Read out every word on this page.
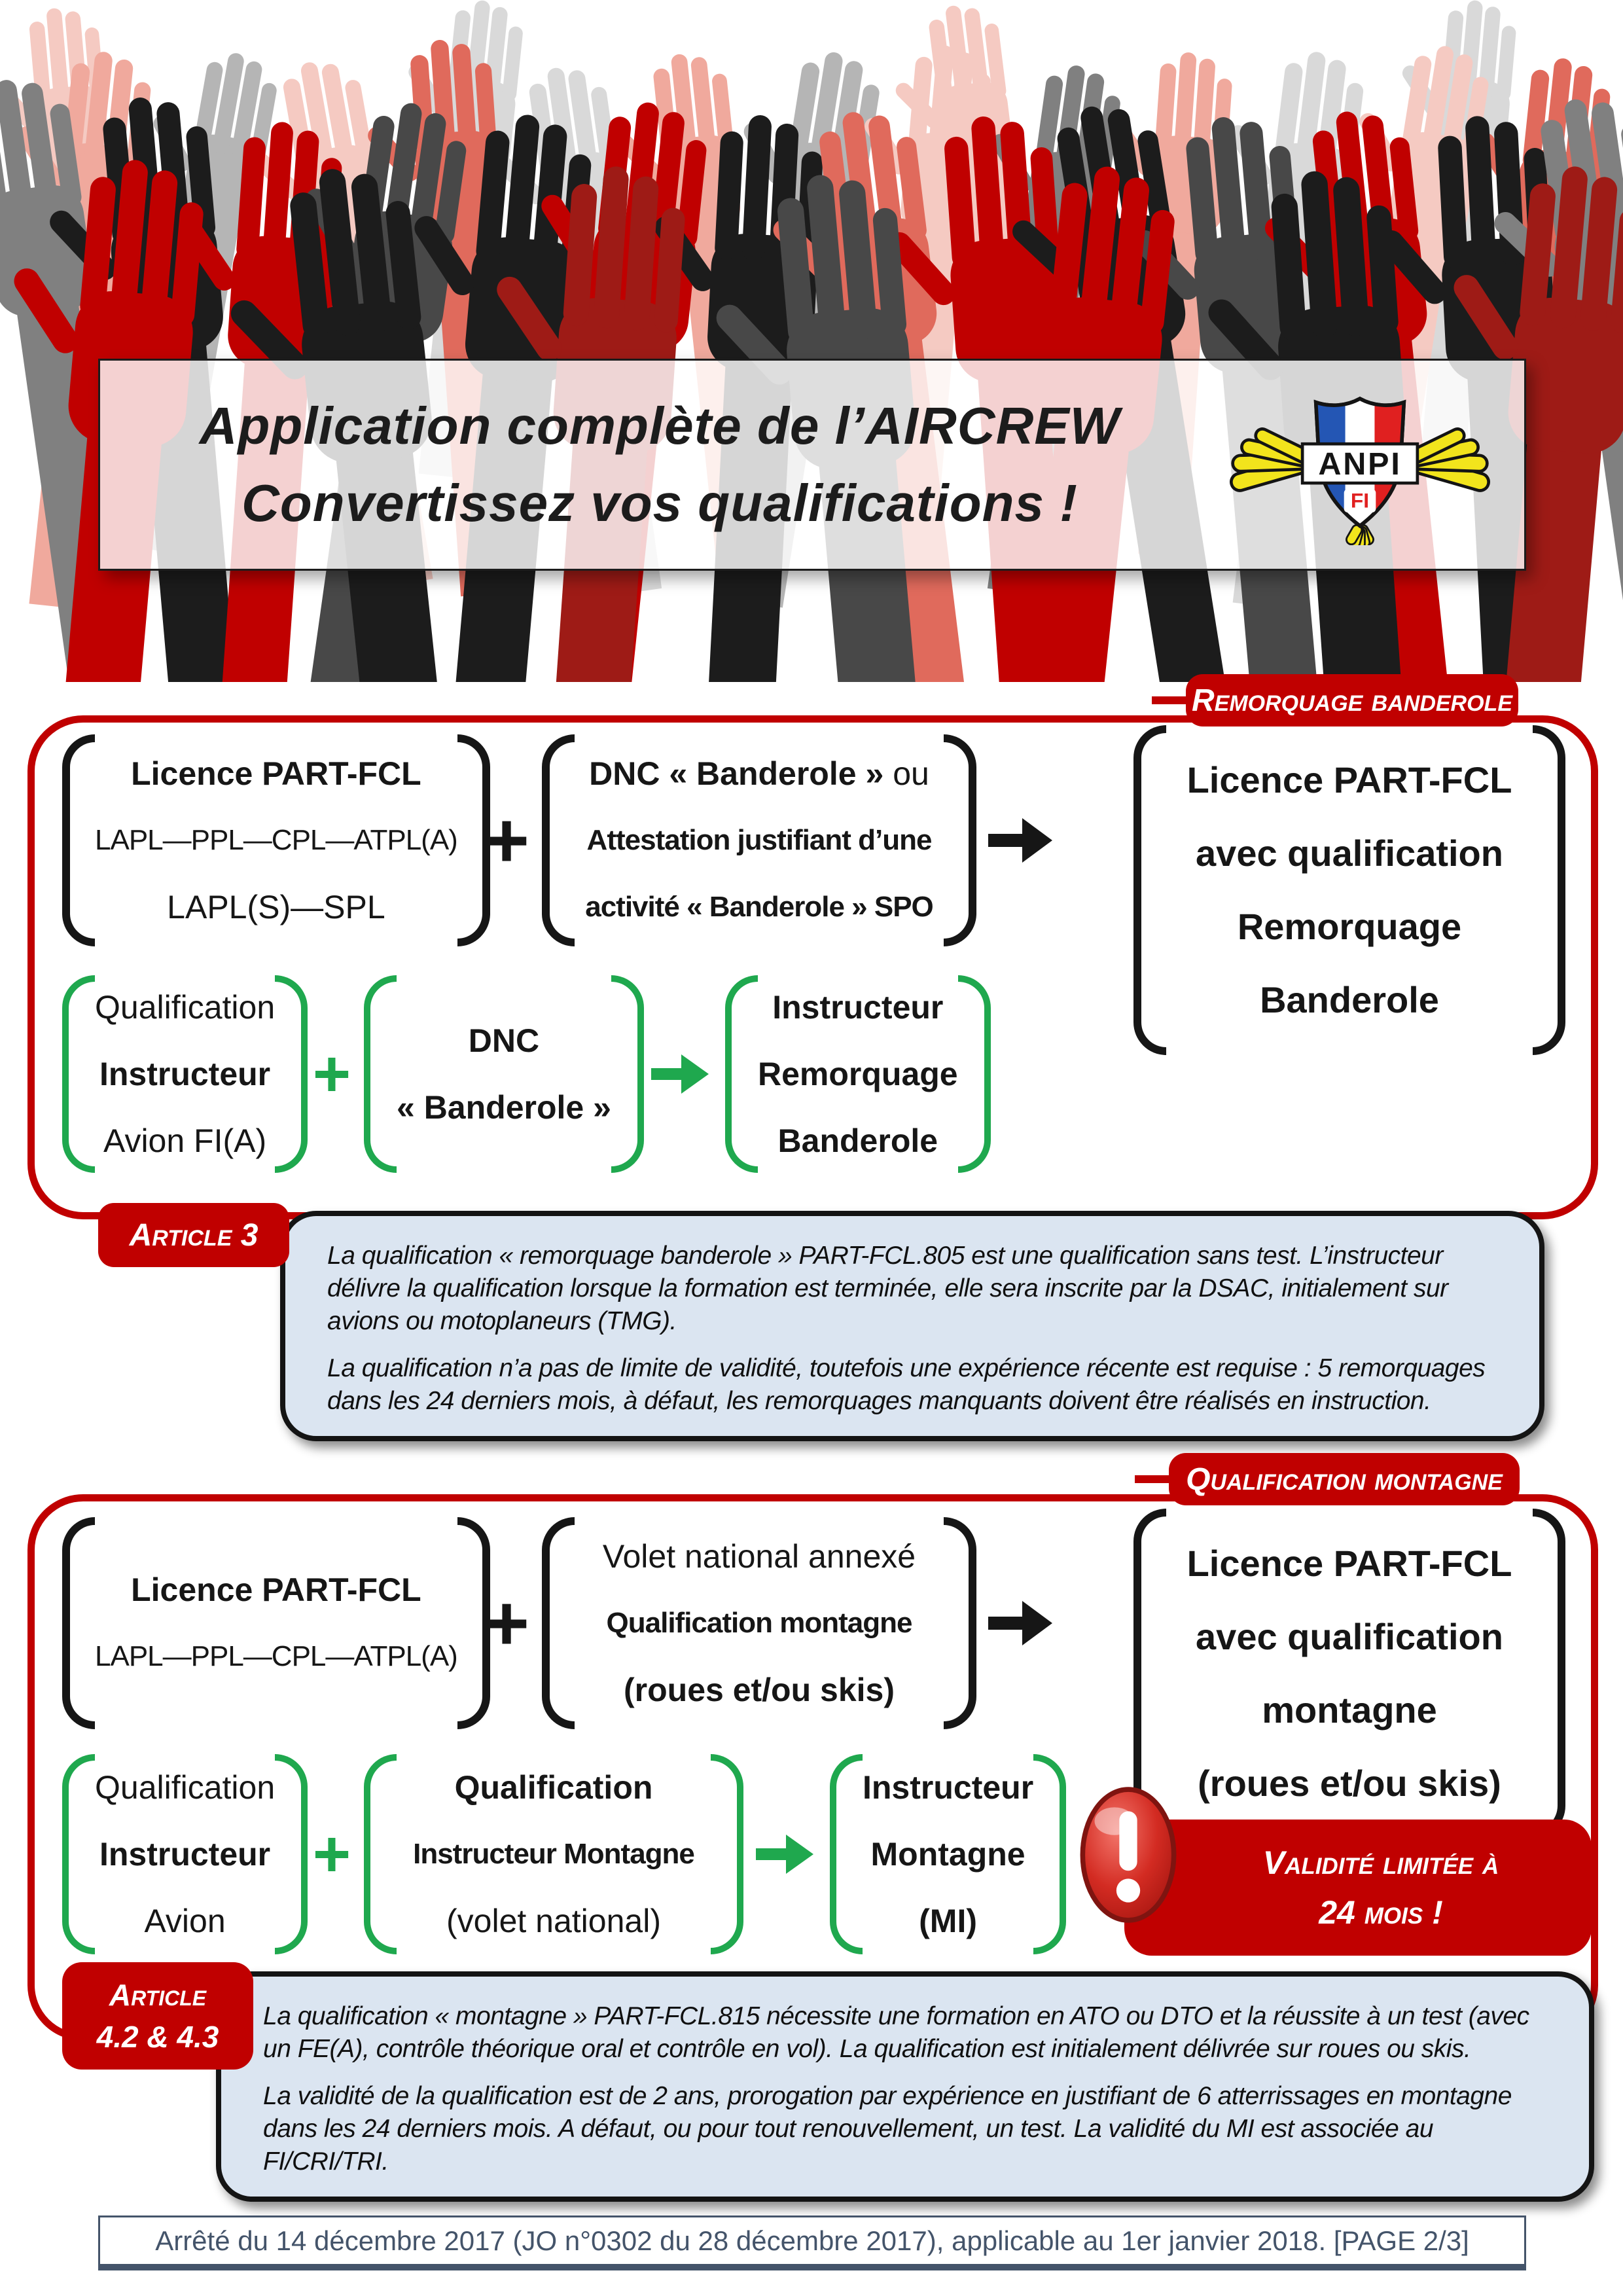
Application complète de l’AIRCREW
Convertissez vos qualifications !
ANPI
FI
Remorquage banderole
Licence PART-FCL
LAPL—PPL—CPL—ATPL(A)
LAPL(S)—SPL
+
DNC « Banderole » ou
Attestation justifiant d’une
activité « Banderole » SPO
Licence PART-FCL
avec qualification
Remorquage
Banderole
Qualification
Instructeur
Avion FI(A)
+	DNC
« Banderole »
Instructeur
Remorquage
Banderole
Article 3

La qualification « remorquage banderole » PART-FCL.805 est une qualification sans test. L’instructeur délivre la qualification lorsque la formation est terminée, elle sera inscrite par la DSAC, initialement sur avions ou motoplaneurs (TMG).

La qualification n’a pas de limite de validité, toutefois une expérience récente est requise : 5 remorquages dans les 24 derniers mois, à défaut, les remorquages manquants doivent être réalisés en instruction.

Qualification montagne
Licence PART-FCL
LAPL—PPL—CPL—ATPL(A) +
Volet national annexé
Qualification montagne
(roues et/ou skis)
Licence PART-FCL
avec qualification
montagne
(roues et/ou skis)
Qualification
Instructeur
Avion
+
Qualification
Instructeur Montagne
(volet national)
Instructeur
Montagne
(MI)
Validité limitée à
24 mois !
Article
4.2 & 4.3

La qualification « montagne » PART-FCL.815 nécessite une formation en ATO ou DTO et la réussite à un test (avec un FE(A), contrôle théorique oral et contrôle en vol). La qualification est initialement délivrée sur roues ou skis.

La validité de la qualification est de 2 ans, prorogation par expérience en justifiant de 6 atterrissages en montagne dans les 24 derniers mois. A défaut, ou pour tout renouvellement, un test. La validité du MI est associée au FI/CRI/TRI.

Arrêté du 14 décembre 2017 (JO n°0302 du 28 décembre 2017), applicable au 1er janvier 2018. [PAGE 2/3]
